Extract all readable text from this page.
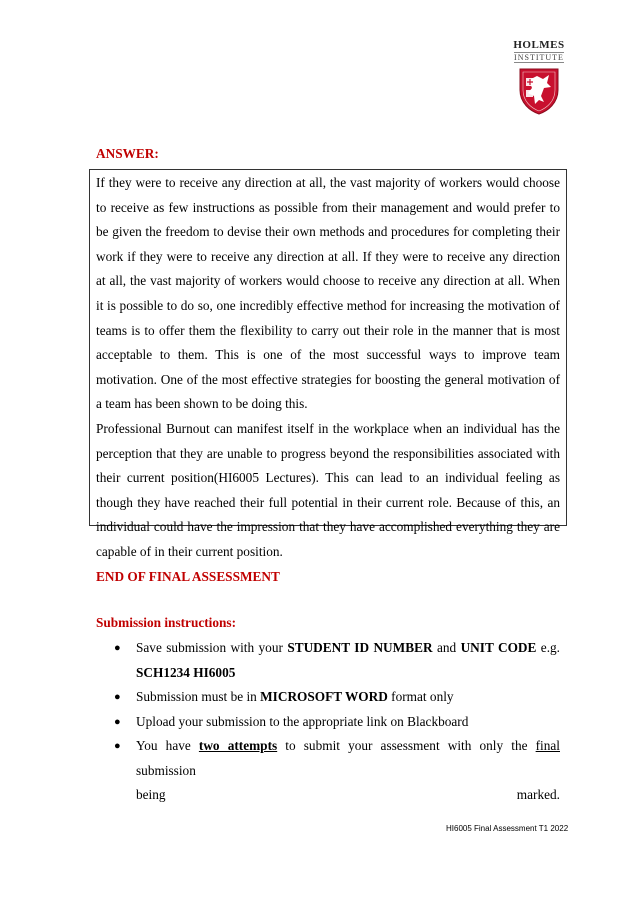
HOLMES
INSTITUTE
ANSWER:

If they were to receive any direction at all, the vast majority of workers would choose to receive as few instructions as possible from their management and would prefer to be given the freedom to devise their own methods and procedures for completing their work if they were to receive any direction at all. If they were to receive any direction at all, the vast majority of workers would choose to receive any direction at all. When it is possible to do so, one incredibly effective method for increasing the motivation of teams is to offer them the flexibility to carry out their role in the manner that is most acceptable to them. This is one of the most successful ways to improve team motivation. One of the most effective strategies for boosting the general motivation of a team has been shown to be doing this.

Professional Burnout can manifest itself in the workplace when an individual has the perception that they are unable to progress beyond the responsibilities associated with their current position(HI6005 Lectures). This can lead to an individual feeling as though they have reached their full potential in their current role. Because of this, an individual could have the impression that they have accomplished everything they are capable of in their current position.

END OF FINAL ASSESSMENT
Submission instructions:
● Save submission with your STUDENT ID NUMBER and UNIT CODE e.g. SCH1234 HI6005
● Submission must be in MICROSOFT WORD format only
● Upload your submission to the appropriate link on Blackboard
● You have two attempts to submit your assessment with only the final submission
being	marked.
HI6005 Final Assessment T1 2022
